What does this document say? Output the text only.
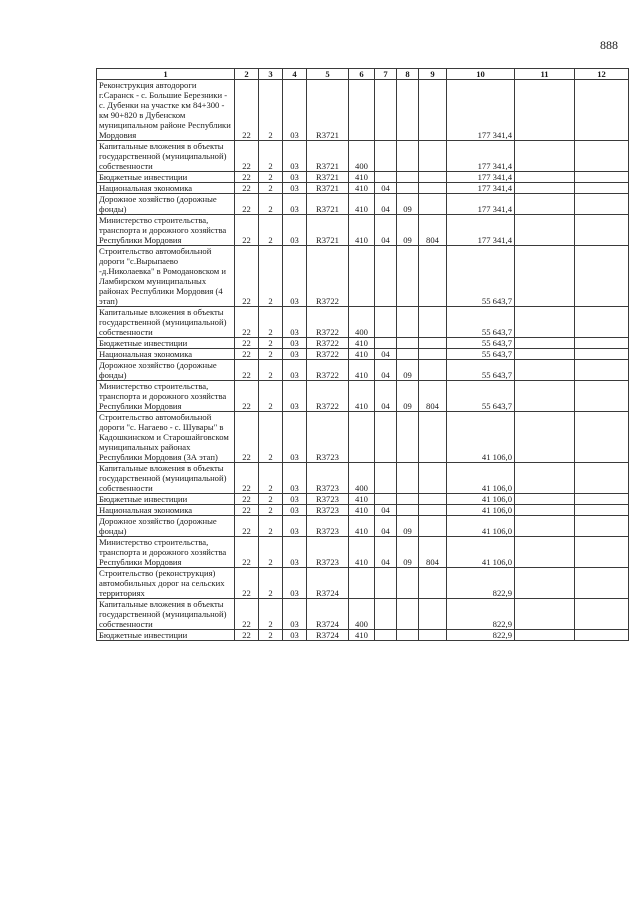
888
1	2	3	4	5	6	7	8	9	10	11	12
Реконструкция автодороги г.Саранск - с. Большие Березники - с. Дубенки на участке км 84+300 - км 90+820 в Дубенском муниципальном районе Республики Мордовия	22	2	03	R3721					177 341,4		
Капитальные вложения в объекты государственной (муниципальной) собственности	22	2	03	R3721	400				177 341,4		
Бюджетные инвестиции	22	2	03	R3721	410				177 341,4		
Национальная экономика	22	2	03	R3721	410	04			177 341,4		
Дорожное хозяйство (дорожные фонды)	22	2	03	R3721	410	04	09		177 341,4		
Министерство строительства, транспорта и дорожного хозяйства Республики Мордовия	22	2	03	R3721	410	04	09	804	177 341,4		
Строительство автомобильной дороги "с.Вырыпаево -д.Николаевка" в Ромодановском и Ламбирском муниципальных районах Республики Мордовия (4 этап)	22	2	03	R3722					55 643,7		
Капитальные вложения в объекты государственной (муниципальной) собственности	22	2	03	R3722	400				55 643,7		
Бюджетные инвестиции	22	2	03	R3722	410				55 643,7		
Национальная экономика	22	2	03	R3722	410	04			55 643,7		
Дорожное хозяйство (дорожные фонды)	22	2	03	R3722	410	04	09		55 643,7		
Министерство строительства, транспорта и дорожного хозяйства Республики Мордовия	22	2	03	R3722	410	04	09	804	55 643,7		
Строительство автомобильной дороги "с. Нагаево - с. Шувары" в Кадошкинском и Старошайговском муниципальных районах Республики Мордовия (3А этап)	22	2	03	R3723					41 106,0		
Капитальные вложения в объекты государственной (муниципальной) собственности	22	2	03	R3723	400				41 106,0		
Бюджетные инвестиции	22	2	03	R3723	410				41 106,0		
Национальная экономика	22	2	03	R3723	410	04			41 106,0		
Дорожное хозяйство (дорожные фонды)	22	2	03	R3723	410	04	09		41 106,0		
Министерство строительства, транспорта и дорожного хозяйства Республики Мордовия	22	2	03	R3723	410	04	09	804	41 106,0		
Строительство (реконструкция) автомобильных дорог на сельских территориях	22	2	03	R3724					822,9		
Капитальные вложения в объекты государственной (муниципальной) собственности	22	2	03	R3724	400				822,9		
Бюджетные инвестиции	22	2	03	R3724	410				822,9		
